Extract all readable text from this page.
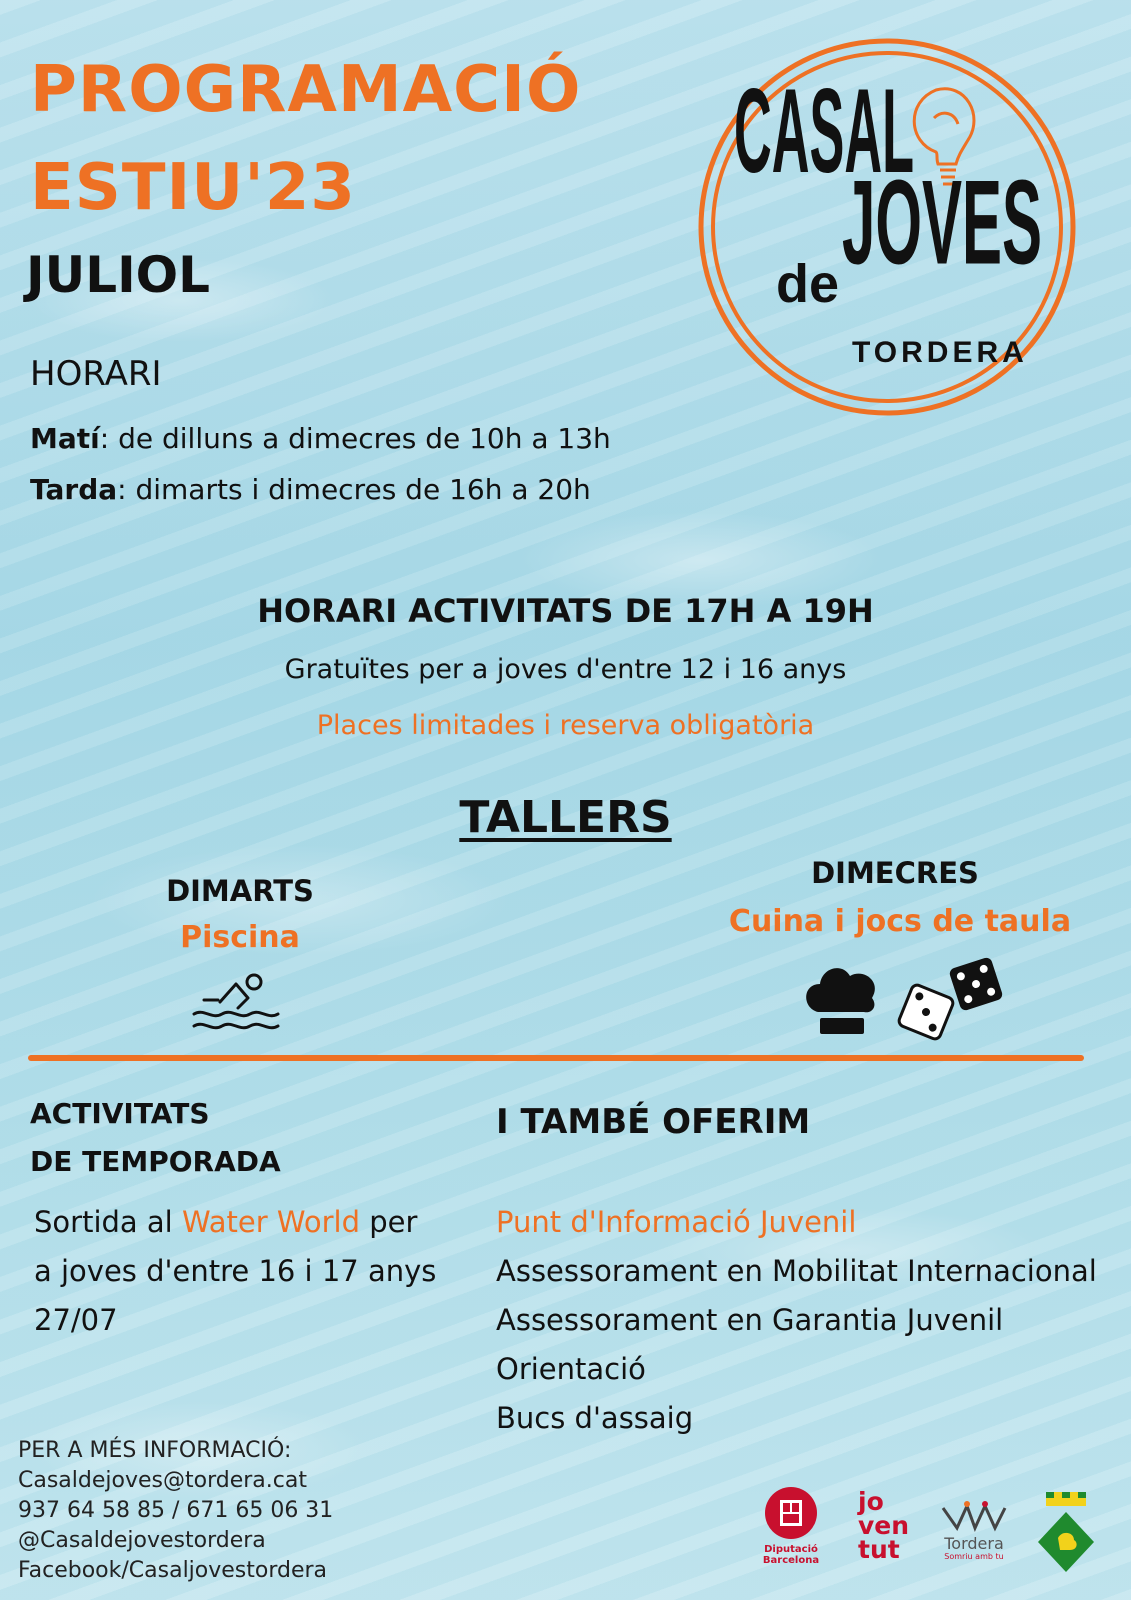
PROGRAMACIÓ
ESTIU'23
JULIOL
CASAL
de JOVES
TORDERA
HORARI
Matí: de dilluns a dimecres de 10h a 13h
Tarda: dimarts i dimecres de 16h a 20h
HORARI ACTIVITATS DE 17H A 19H
Gratuïtes per a joves d'entre 12 i 16 anys
Places limitades i reserva obligatòria
TALLERS
DIMARTS
Piscina
DIMECRES
Cuina i jocs de taula
ACTIVITATS
DE TEMPORADA
Sortida al Water World per
a joves d'entre 16 i 17 anys
27/07
I TAMBÉ OFERIM
Punt d'Informació Juvenil
Assessorament en Mobilitat Internacional
Assessorament en Garantia Juvenil
Orientació
Bucs d'assaig
PER A MÉS INFORMACIÓ:
Casaldejoves@tordera.cat
937 64 58 85 / 671 65 06 31
@Casaldejovestordera
Facebook/Casaljovestordera
Diputació
Barcelona
jo
ven
tut	Tordera
Somriu amb tu
